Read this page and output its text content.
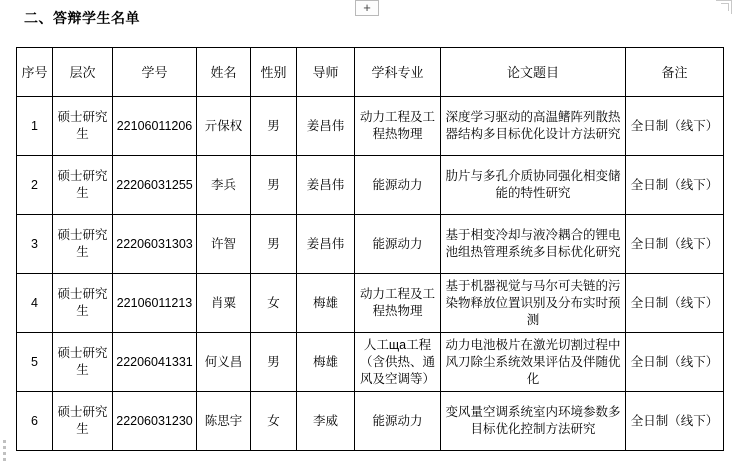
+
二、答辩学生名单
序号	层次	学号	姓名	性别	导师	学科专业	论文题目	备注
1	硕士研究生	22106011206	亓保权	男	姜昌伟	动力工程及工程热物理	深度学习驱动的高温鳍阵列散热器结构多目标优化设计方法研究	全日制（线下）
2	硕士研究生	22206031255	李兵	男	姜昌伟	能源动力	肋片与多孔介质协同强化相变储能的特性研究	全日制（线下）
3	硕士研究生	22206031303	许智	男	姜昌伟	能源动力	基于相变冷却与液冷耦合的锂电池组热管理系统多目标优化研究	全日制（线下）
4	硕士研究生	22106011213	肖粟	女	梅雄	动力工程及工程热物理	基于机器视觉与马尔可夫链的污染物释放位置识别及分布实时预测	全日制（线下）
5	硕士研究生	22206041331	何义昌	男	梅雄	人工ща工程（含供热、通风及空调等）	动力电池极片在激光切割过程中风刀除尘系统效果评估及伴随优化	全日制（线下）
6	硕士研究生	22206031230	陈思宇	女	李威	能源动力	变风量空调系统室内环境参数多目标优化控制方法研究	全日制（线下）
